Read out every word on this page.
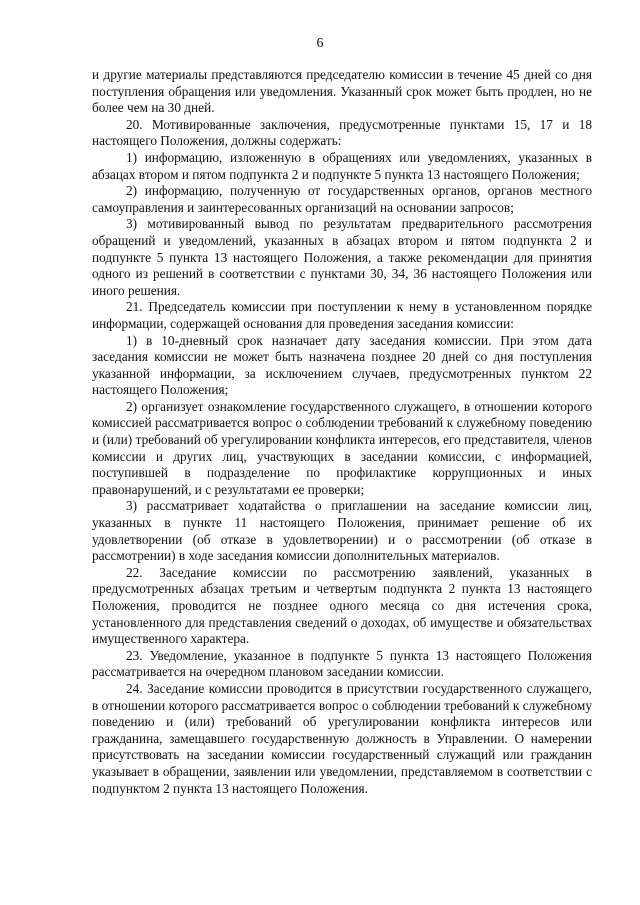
6

и другие материалы представляются председателю комиссии в течение 45 дней со дня поступления обращения или уведомления. Указанный срок может быть продлен, но не более чем на 30 дней.

20. Мотивированные заключения, предусмотренные пунктами 15, 17 и 18 настоящего Положения, должны содержать:

1) информацию, изложенную в обращениях или уведомлениях, указанных в абзацах втором и пятом подпункта 2 и подпункте 5 пункта 13 настоящего Положения;

2) информацию, полученную от государственных органов, органов местного самоуправления и заинтересованных организаций на основании запросов;

3) мотивированный вывод по результатам предварительного рассмотрения обращений и уведомлений, указанных в абзацах втором и пятом подпункта 2 и подпункте 5 пункта 13 настоящего Положения, а также рекомендации для принятия одного из решений в соответствии с пунктами 30, 34, 36 настоящего Положения или иного решения.

21. Председатель комиссии при поступлении к нему в установленном порядке информации, содержащей основания для проведения заседания комиссии:

1) в 10-дневный срок назначает дату заседания комиссии. При этом дата заседания комиссии не может быть назначена позднее 20 дней со дня поступления указанной информации, за исключением случаев, предусмотренных пунктом 22 настоящего Положения;

2) организует ознакомление государственного служащего, в отношении которого комиссией рассматривается вопрос о соблюдении требований к служебному поведению и (или) требований об урегулировании конфликта интересов, его представителя, членов комиссии и других лиц, участвующих в заседании комиссии, с информацией, поступившей в подразделение по профилактике коррупционных и иных правонарушений, и с результатами ее проверки;

3) рассматривает ходатайства о приглашении на заседание комиссии лиц, указанных в пункте 11 настоящего Положения, принимает решение об их удовлетворении (об отказе в удовлетворении) и о рассмотрении (об отказе в рассмотрении) в ходе заседания комиссии дополнительных материалов.

22. Заседание комиссии по рассмотрению заявлений, указанных в предусмотренных абзацах третьим и четвертым подпункта 2 пункта 13 настоящего Положения, проводится не позднее одного месяца со дня истечения срока, установленного для представления сведений о доходах, об имуществе и обязательствах имущественного характера.

23. Уведомление, указанное в подпункте 5 пункта 13 настоящего Положения рассматривается на очередном плановом заседании комиссии.

24. Заседание комиссии проводится в присутствии государственного служащего, в отношении которого рассматривается вопрос о соблюдении требований к служебному поведению и (или) требований об урегулировании конфликта интересов или гражданина, замещавшего государственную должность в Управлении. О намерении присутствовать на заседании комиссии государственный служащий или гражданин указывает в обращении, заявлении или уведомлении, представляемом в соответствии с подпунктом 2 пункта 13 настоящего Положения.
